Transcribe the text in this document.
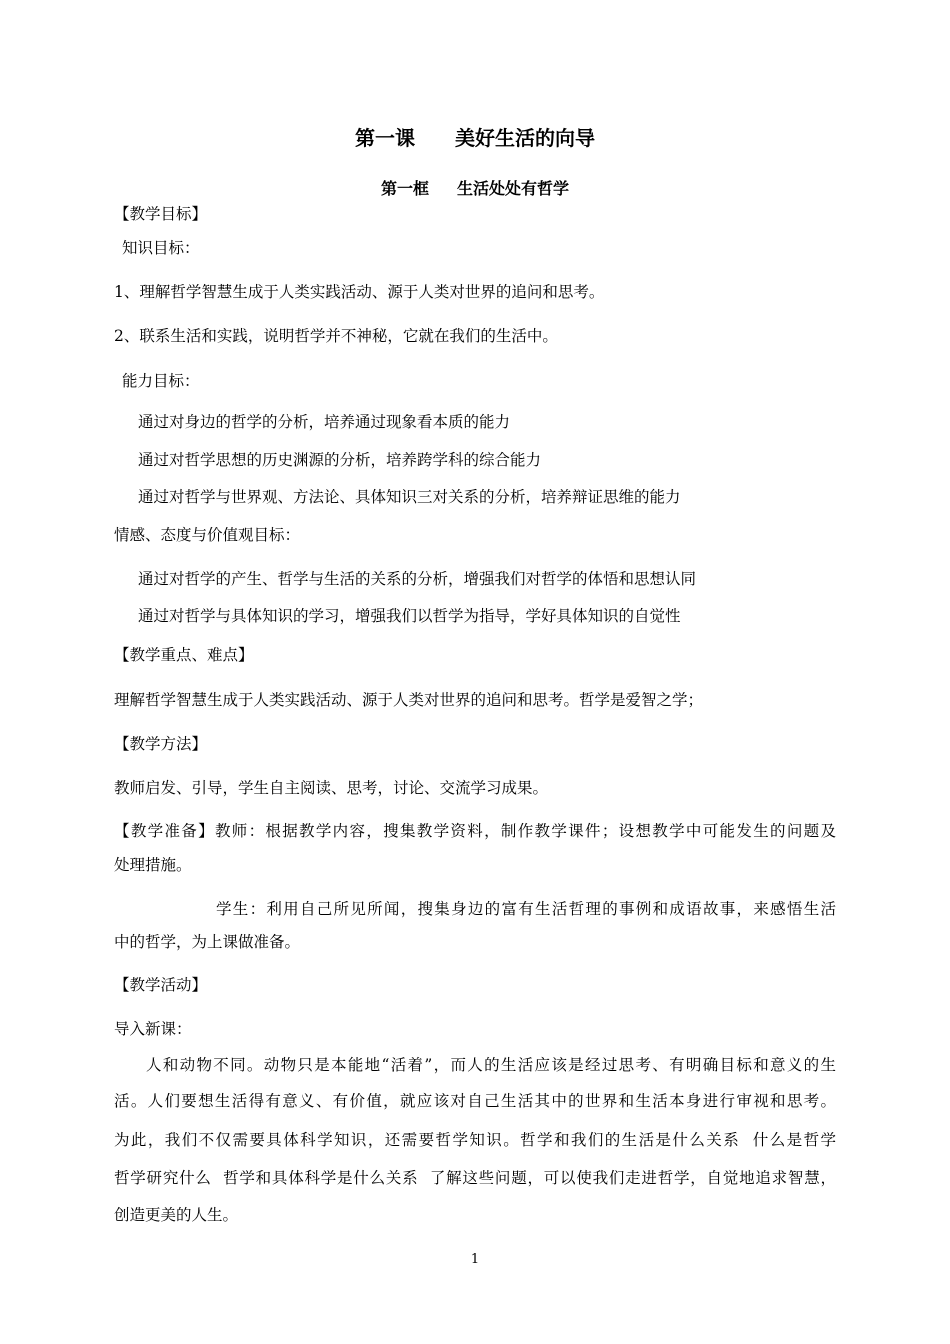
第一课 美好生活的向导
第一框 生活处处有哲学
【教学目标】
知识目标：
1、理解哲学智慧生成于人类实践活动、源于人类对世界的追问和思考。
2、联系生活和实践，说明哲学并不神秘，它就在我们的生活中。
能力目标：
通过对身边的哲学的分析，培养通过现象看本质的能力
通过对哲学思想的历史渊源的分析，培养跨学科的综合能力
通过对哲学与世界观、方法论、具体知识三对关系的分析，培养辩证思维的能力
情感、态度与价值观目标：
通过对哲学的产生、哲学与生活的关系的分析，增强我们对哲学的体悟和思想认同
通过对哲学与具体知识的学习，增强我们以哲学为指导，学好具体知识的自觉性
【教学重点、难点】
理解哲学智慧生成于人类实践活动、源于人类对世界的追问和思考。哲学是爱智之学；
【教学方法】
教师启发、引导，学生自主阅读、思考，讨论、交流学习成果。
【教学准备】教师：根据教学内容，搜集教学资料，制作教学课件；设想教学中可能发生的问题及
处理措施。
学生：利用自己所见所闻，搜集身边的富有生活哲理的事例和成语故事，来感悟生活
中的哲学，为上课做准备。
【教学活动】
导入新课：
人和动物不同。动物只是本能地“活着”，而人的生活应该是经过思考、有明确目标和意义的生
活。人们要想生活得有意义、有价值，就应该对自己生活其中的世界和生活本身进行审视和思考。
为此，我们不仅需要具体科学知识，还需要哲学知识。哲学和我们的生活是什么关系  什么是哲学
哲学研究什么  哲学和具体科学是什么关系  了解这些问题，可以使我们走进哲学，自觉地追求智慧，
创造更美的人生。
1
